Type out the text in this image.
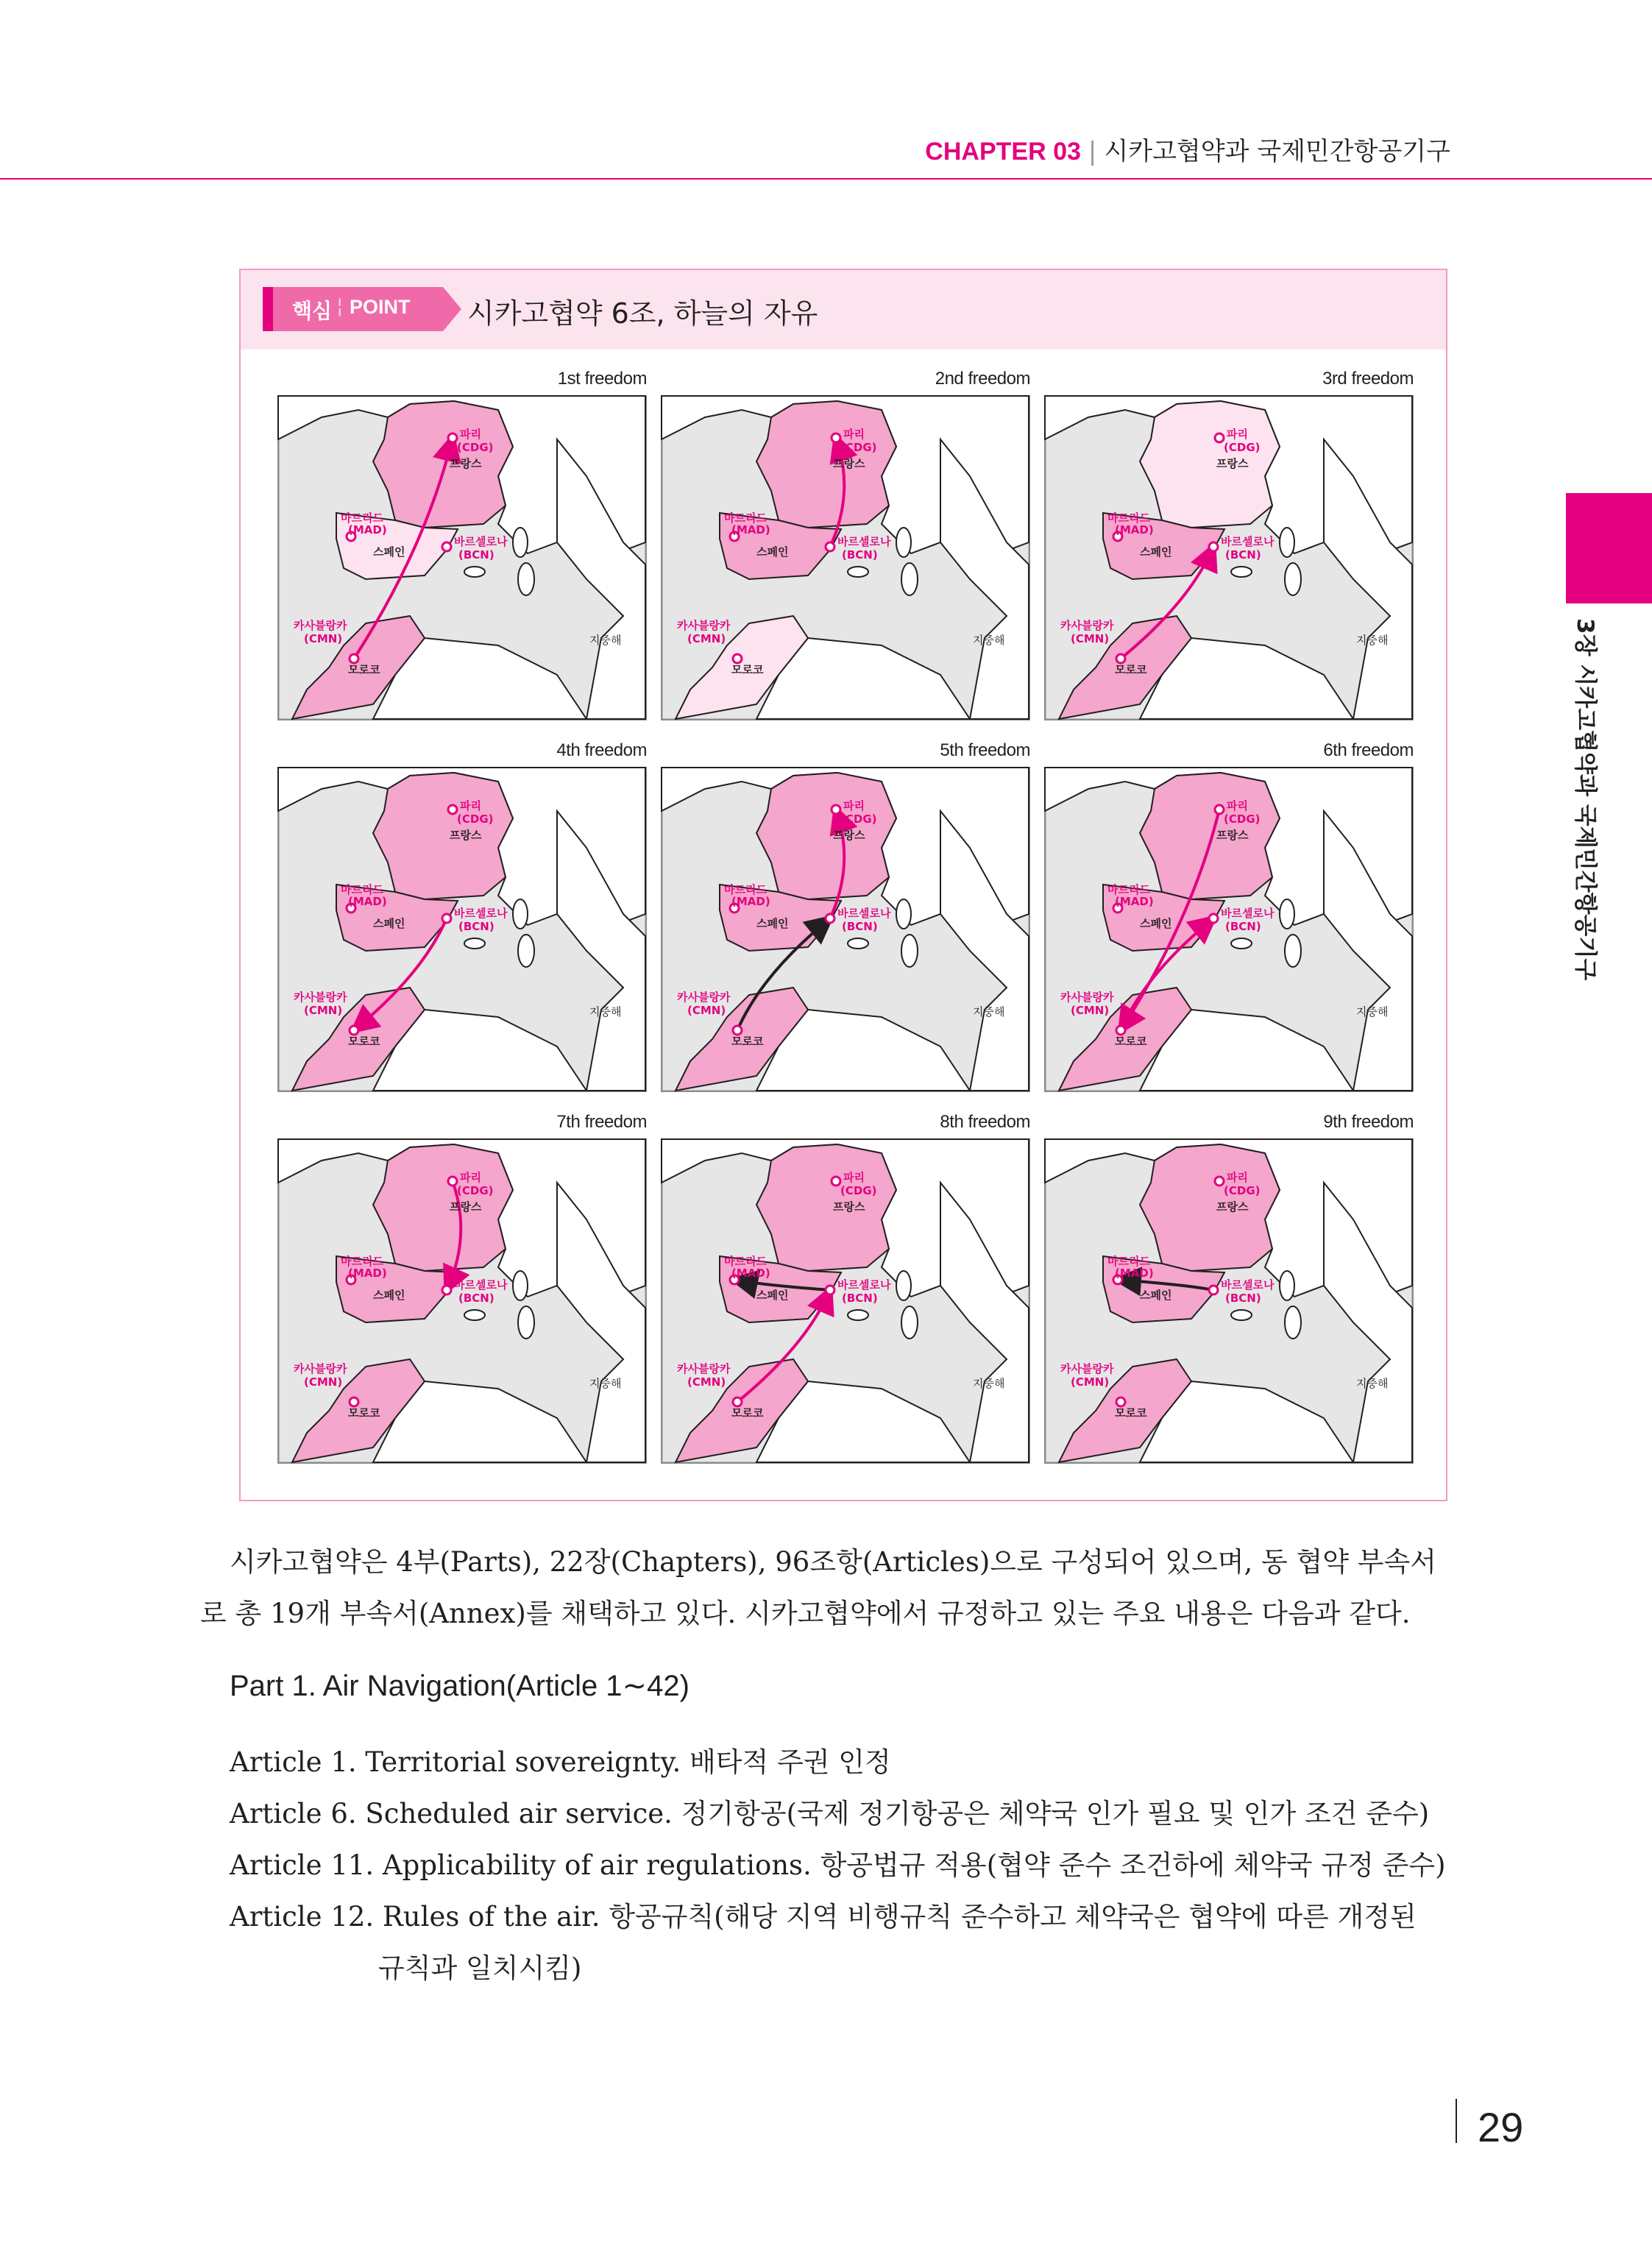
CHAPTER 03 | 시카고협약과 국제민간항공기구
3장 시카고협약과 국제민간항공기구
핵심 ¦ POINT 시카고협약 6조, 하늘의 자유
1st freedom
파리
(CDG)
프랑스
마드리드
(MAD)
스페인
바르셀로나
(BCN)
카사블랑카
(CMN)
모로코
지중해
2nd freedom
파리
(CDG)
프랑스
마드리드
(MAD)
스페인
바르셀로나
(BCN)
카사블랑카
(CMN)
모로코
지중해
3rd freedom
파리
(CDG)
프랑스
마드리드
(MAD)
스페인
바르셀로나
(BCN)
카사블랑카
(CMN)
모로코
지중해
4th freedom
파리
(CDG)
프랑스
마드리드
(MAD)
스페인
바르셀로나
(BCN)
카사블랑카
(CMN)
모로코
지중해
5th freedom
파리
(CDG)
프랑스
마드리드
(MAD)
스페인
바르셀로나
(BCN)
카사블랑카
(CMN)
모로코
지중해
6th freedom
파리
(CDG)
프랑스
마드리드
(MAD)
스페인
바르셀로나
(BCN)
카사블랑카
(CMN)
모로코
지중해
7th freedom
파리
(CDG)
프랑스
마드리드
(MAD)
스페인
바르셀로나
(BCN)
카사블랑카
(CMN)
모로코
지중해
8th freedom
파리
(CDG)
프랑스
마드리드
(MAD)
스페인
바르셀로나
(BCN)
카사블랑카
(CMN)
모로코
지중해
9th freedom
파리
(CDG)
프랑스
마드리드
(MAD)
스페인
바르셀로나
(BCN)
카사블랑카
(CMN)
모로코
지중해
시카고협약은 4부(Parts), 22장(Chapters), 96조항(Articles)으로 구성되어 있으며, 동 협약 부속서
로 총 19개 부속서(Annex)를 채택하고 있다. 시카고협약에서 규정하고 있는 주요 내용은 다음과 같다.
Part 1. Air Navigation(Article 1∼42)
Article 1. Territorial sovereignty. 배타적 주권 인정
Article 6. Scheduled air service. 정기항공(국제 정기항공은 체약국 인가 필요 및 인가 조건 준수)
Article 11. Applicability of air regulations. 항공법규 적용(협약 준수 조건하에 체약국 규정 준수)
Article 12. Rules of the air. 항공규칙(해당 지역 비행규칙 준수하고 체약국은 협약에 따른 개정된
규칙과 일치시킴)
29
